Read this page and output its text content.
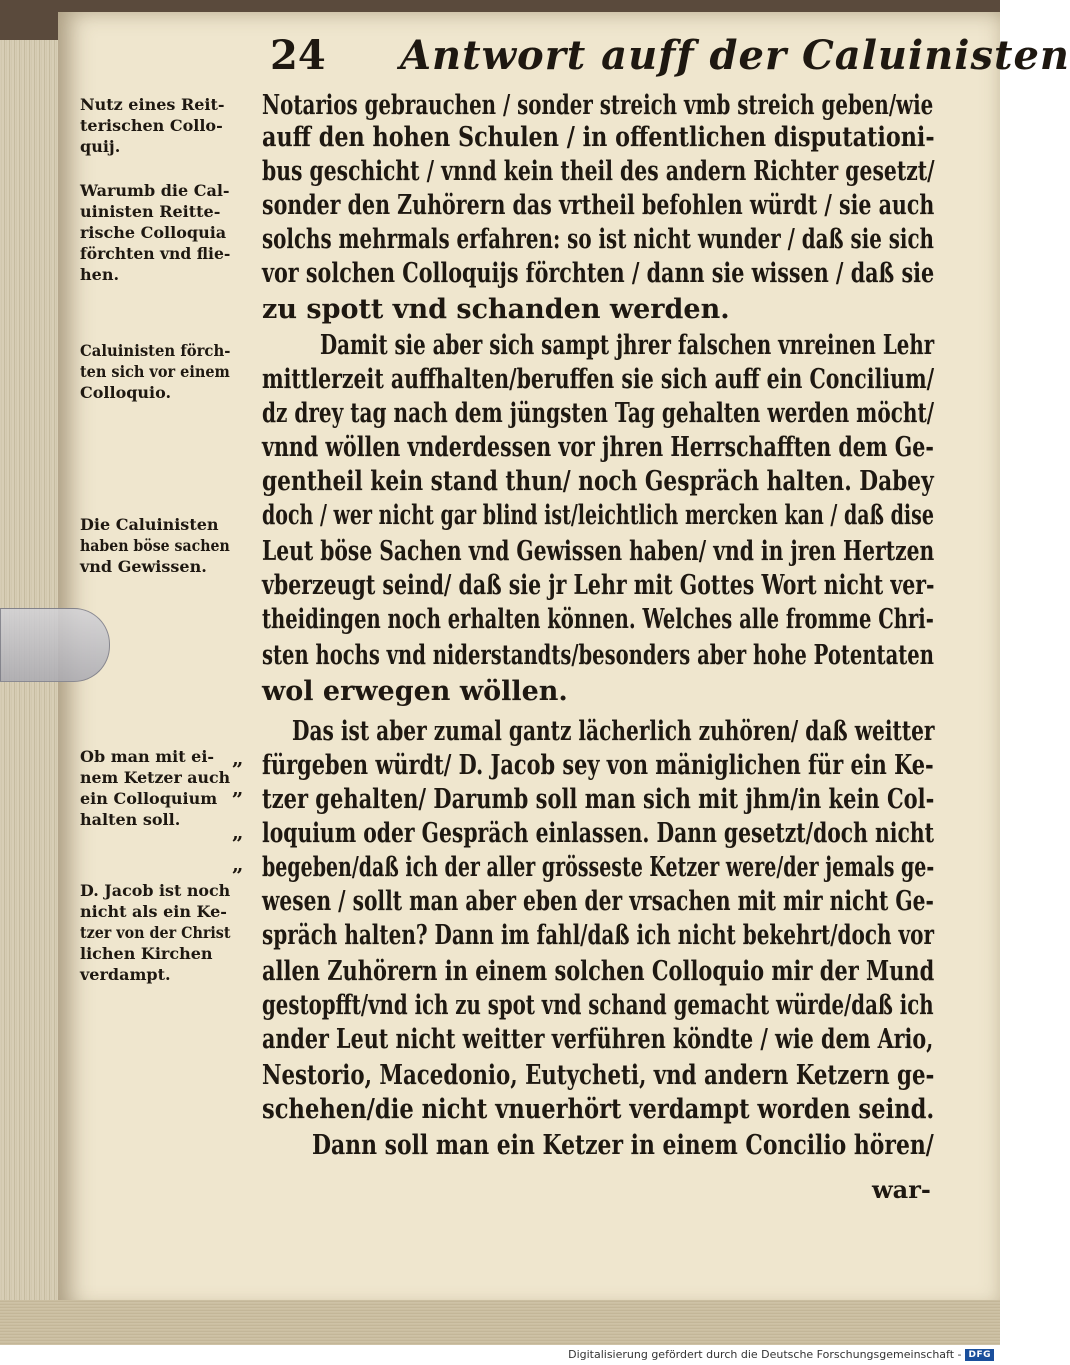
24 Antwort auff der Caluinisten
Notarios gebrauchen / sonder streich vmb streich geben/wie
auff den hohen Schulen / in offentlichen disputationi-
bus geschicht / vnnd kein theil des andern Richter gesetzt/
sonder den Zuhörern das vrtheil befohlen würdt / sie auch
solchs mehrmals erfahren: so ist nicht wunder / daß sie sich
vor solchen Colloquijs förchten / dann sie wissen / daß sie
zu spott vnd schanden werden.
Damit sie aber sich sampt jhrer falschen vnreinen Lehr
mittlerzeit auffhalten/beruffen sie sich auff ein Concilium/
dz drey tag nach dem jüngsten Tag gehalten werden möcht/
vnnd wöllen vnderdessen vor jhren Herrschafften dem Ge-
gentheil kein stand thun/ noch Gespräch halten. Dabey
doch / wer nicht gar blind ist/leichtlich mercken kan / daß dise
Leut böse Sachen vnd Gewissen haben/ vnd in jren Hertzen
vberzeugt seind/ daß sie jr Lehr mit Gottes Wort nicht ver-
theidingen noch erhalten können. Welches alle fromme Chri-
sten hochs vnd niderstandts/besonders aber hohe Potentaten
wol erwegen wöllen.
Das ist aber zumal gantz lächerlich zuhören/ daß weitter
fürgeben würdt/ D. Jacob sey von mäniglichen für ein Ke-
tzer gehalten/ Darumb soll man sich mit jhm/in kein Col-
loquium oder Gespräch einlassen. Dann gesetzt/doch nicht
begeben/daß ich der aller grösseste Ketzer were/der jemals ge-
wesen / sollt man aber eben der vrsachen mit mir nicht Ge-
spräch halten? Dann im fahl/daß ich nicht bekehrt/doch vor
allen Zuhörern in einem solchen Colloquio mir der Mund
gestopfft/vnd ich zu spot vnd schand gemacht würde/daß ich
ander Leut nicht weitter verführen köndte / wie dem Ario,
Nestorio, Macedonio, Eutycheti, vnd andern Ketzern ge-
schehen/die nicht vnuerhört verdampt worden seind.
Dann soll man ein Ketzer in einem Concilio hören/
Nutz eines Reit-
terischen Collo-
quij.
Warumb die Cal-
uinisten Reitte-
rische Colloquia
förchten vnd flie-
hen.
Caluinisten förch-
ten sich vor einem
Colloquio.
Die Caluinisten
haben böse sachen
vnd Gewissen.
Ob man mit ei-
nem Ketzer auch
ein Colloquium
halten soll.
D. Jacob ist noch
nicht als ein Ke-
tzer von der Christ
lichen Kirchen
verdampt.
„
„
„
„
war-
Digitalisierung gefördert durch die Deutsche Forschungsgemeinschaft - DFG
